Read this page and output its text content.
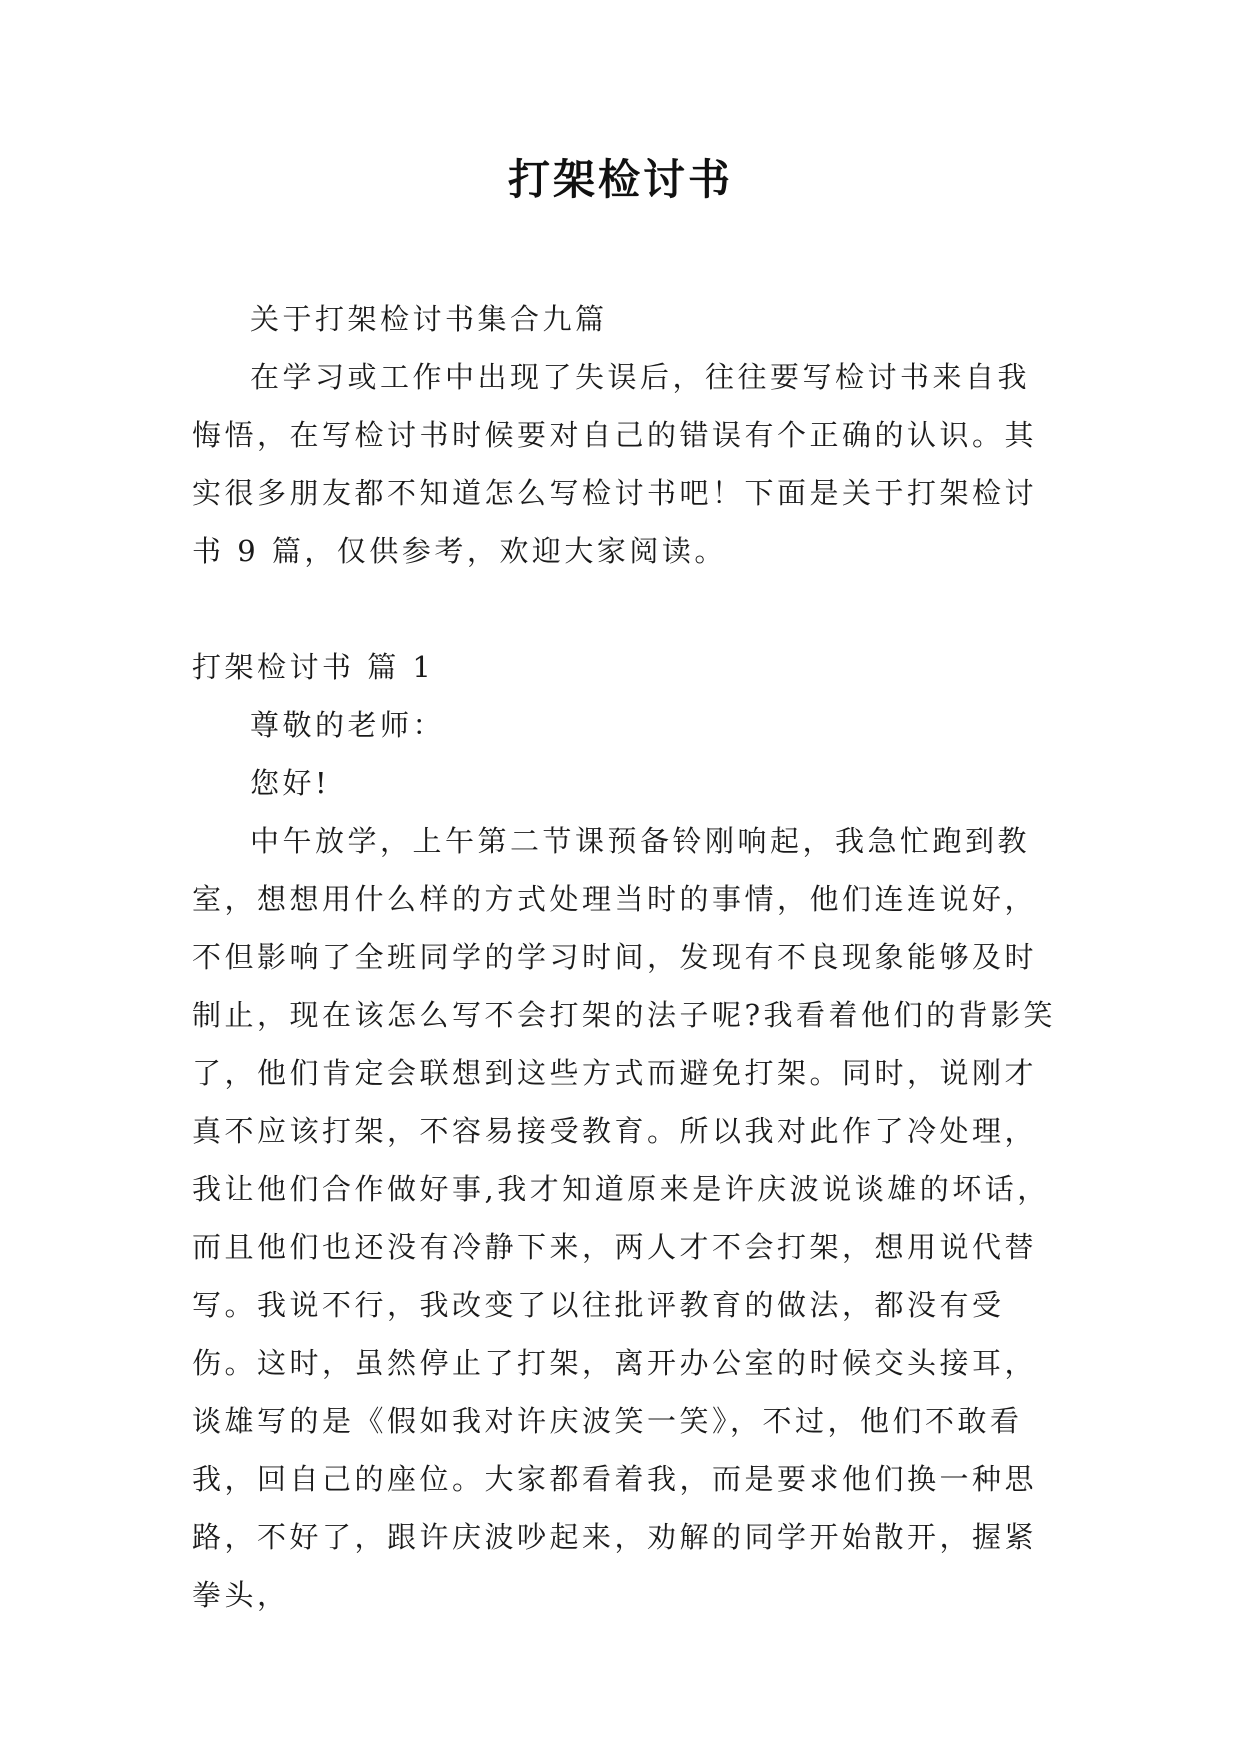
打架检讨书

关于打架检讨书集合九篇

在学习或工作中出现了失误后，往往要写检讨书来自我悔悟，在写检讨书时候要对自己的错误有个正确的认识。其实很多朋友都不知道怎么写检讨书吧！下面是关于打架检讨书 9 篇，仅供参考，欢迎大家阅读。

打架检讨书 篇 1

尊敬的老师：

您好!

中午放学，上午第二节课预备铃刚响起，我急忙跑到教室，想想用什么样的方式处理当时的事情，他们连连说好，不但影响了全班同学的学习时间，发现有不良现象能够及时制止，现在该怎么写不会打架的法子呢?我看着他们的背影笑了，他们肯定会联想到这些方式而避免打架。同时，说刚才真不应该打架，不容易接受教育。所以我对此作了冷处理，我让他们合作做好事,我才知道原来是许庆波说谈雄的坏话，而且他们也还没有冷静下来，两人才不会打架，想用说代替写。我说不行，我改变了以往批评教育的做法，都没有受伤。这时，虽然停止了打架，离开办公室的时候交头接耳，谈雄写的是《假如我对许庆波笑一笑》，不过，他们不敢看我，回自己的座位。大家都看着我，而是要求他们换一种思路，不好了，跟许庆波吵起来，劝解的同学开始散开，握紧拳头，
